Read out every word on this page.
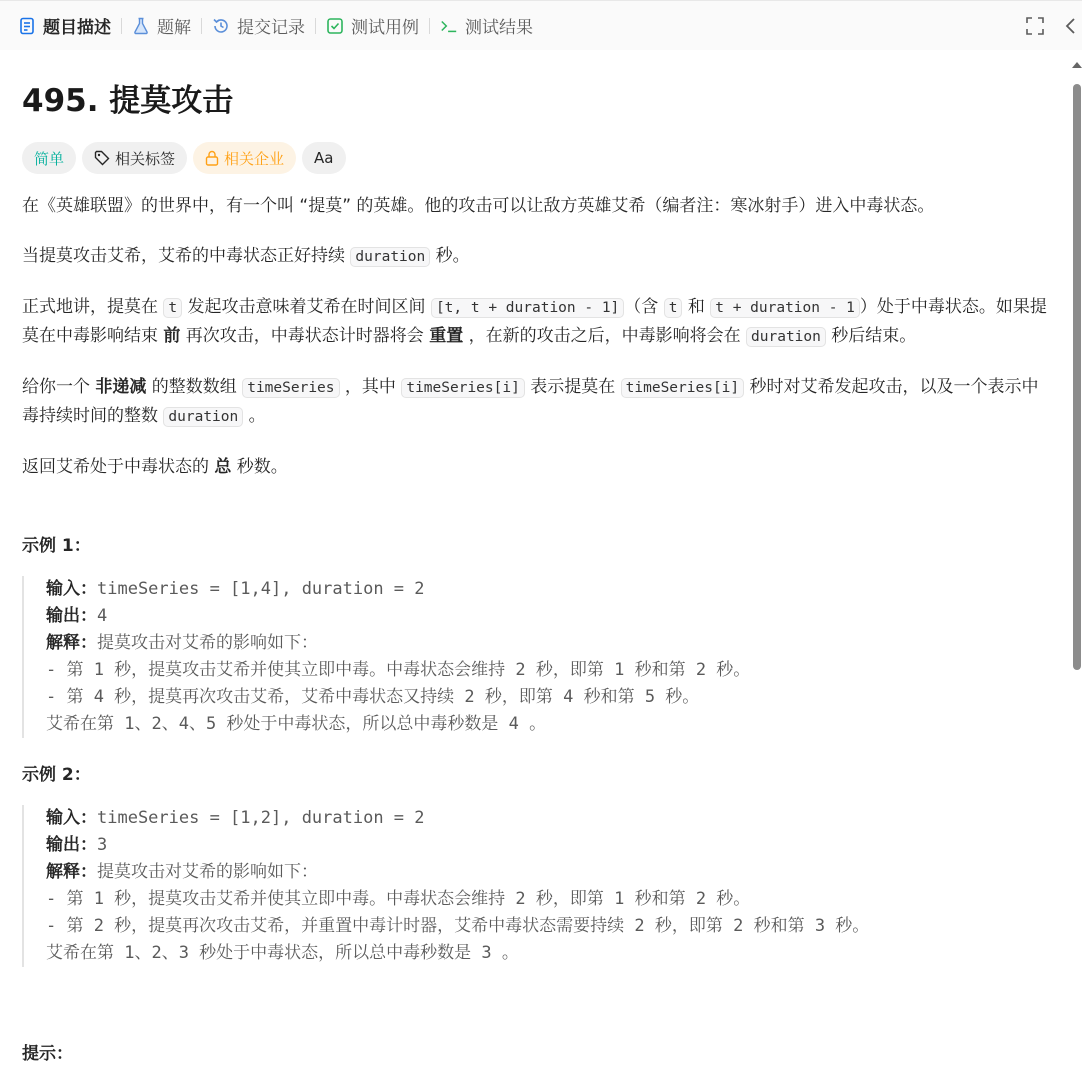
题目描述	题解	提交记录	测试用例	测试结果
495. 提莫攻击
简单	相关标签	相关企业 Aa

在《英雄联盟》的世界中，有一个叫 “提莫” 的英雄。他的攻击可以让敌方英雄艾希（编者注：寒冰射手）进入中毒状态。

当提莫攻击艾希，艾希的中毒状态正好持续 duration 秒。

正式地讲，提莫在 t 发起攻击意味着艾希在时间区间 [t, t + duration - 1] （含 t 和 t + duration - 1 ）处于中毒状态。如果提莫在中毒影响结束 前 再次攻击，中毒状态计时器将会 重置 ，在新的攻击之后，中毒影响将会在 duration 秒后结束。

给你一个 非递减 的整数数组 timeSeries ，其中 timeSeries[i] 表示提莫在 timeSeries[i] 秒时对艾希发起攻击，以及一个表示中毒持续时间的整数 duration 。

返回艾希处于中毒状态的 总 秒数。

示例 1：
输入：timeSeries = [1,4], duration = 2
输出：4
解释：提莫攻击对艾希的影响如下：
- 第 1 秒，提莫攻击艾希并使其立即中毒。中毒状态会维持 2 秒，即第 1 秒和第 2 秒。
- 第 4 秒，提莫再次攻击艾希，艾希中毒状态又持续 2 秒，即第 4 秒和第 5 秒。
艾希在第 1、2、4、5 秒处于中毒状态，所以总中毒秒数是 4 。
示例 2：
输入：timeSeries = [1,2], duration = 2
输出：3
解释：提莫攻击对艾希的影响如下：
- 第 1 秒，提莫攻击艾希并使其立即中毒。中毒状态会维持 2 秒，即第 1 秒和第 2 秒。
- 第 2 秒，提莫再次攻击艾希，并重置中毒计时器，艾希中毒状态需要持续 2 秒，即第 2 秒和第 3 秒。
艾希在第 1、2、3 秒处于中毒状态，所以总中毒秒数是 3 。
提示：
